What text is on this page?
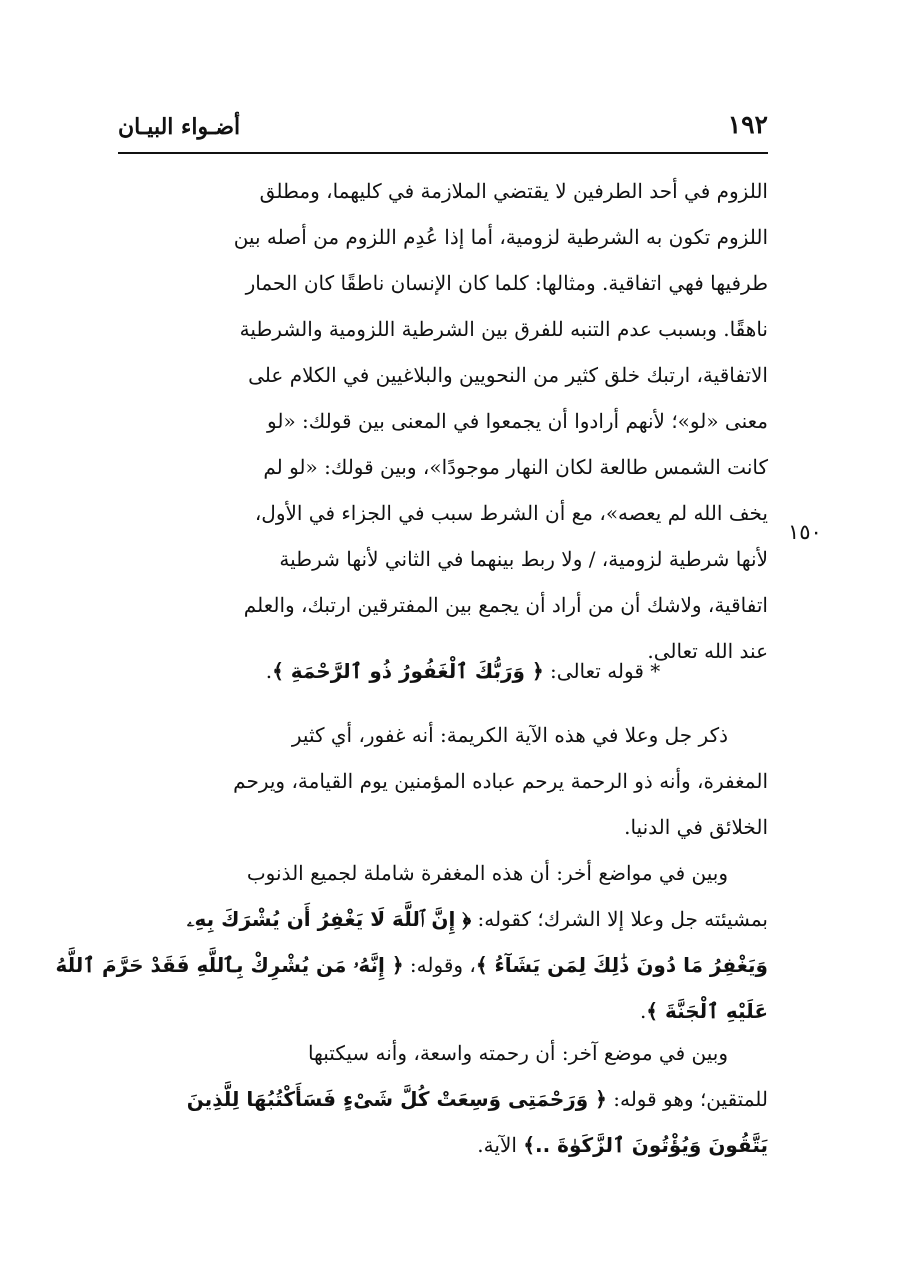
١٩٢
أضـواء البيـان
١٥٠
اللزوم في أحد الطرفين لا يقتضي الملازمة في كليهما، ومطلق
اللزوم تكون به الشرطية لزومية، أما إذا عُدِم اللزوم من أصله بين
طرفيها فهي اتفاقية. ومثالها: كلما كان الإنسان ناطقًا كان الحمار
ناهقًا. وبسبب عدم التنبه للفرق بين الشرطية اللزومية والشرطية
الاتفاقية، ارتبك خلق كثير من النحويين والبلاغيين في الكلام على
معنى «لو»؛ لأنهم أرادوا أن يجمعوا في المعنى بين قولك: «لو
كانت الشمس طالعة لكان النهار موجودًا»، وبين قولك: «لو لم
يخف الله لم يعصه»، مع أن الشرط سبب في الجزاء في الأول،
لأنها شرطية لزومية، / ولا ربط بينهما في الثاني لأنها شرطية
اتفاقية، ولاشك أن من أراد أن يجمع بين المفترقين ارتبك، والعلم
عند الله تعالى.
* قوله تعالى: ﴿ وَرَبُّكَ ٱلْغَفُورُ ذُو ٱلرَّحْمَةِ ﴾.
ذكر جل وعلا في هذه الآية الكريمة: أنه غفور، أي كثير
المغفرة، وأنه ذو الرحمة يرحم عباده المؤمنين يوم القيامة، ويرحم
الخلائق في الدنيا.
وبين في مواضع أخر: أن هذه المغفرة شاملة لجميع الذنوب
بمشيئته جل وعلا إلا الشرك؛ كقوله: ﴿ إِنَّ ٱللَّهَ لَا يَغْفِرُ أَن يُشْرَكَ بِهِۦ
وَيَغْفِرُ مَا دُونَ ذَٰلِكَ لِمَن يَشَآءُ ﴾، وقوله: ﴿ إِنَّهُۥ مَن يُشْرِكْ بِٱللَّهِ فَقَدْ حَرَّمَ ٱللَّهُ
عَلَيْهِ ٱلْجَنَّةَ ﴾.
وبين في موضع آخر: أن رحمته واسعة، وأنه سيكتبها
للمتقين؛ وهو قوله: ﴿ وَرَحْمَتِى وَسِعَتْ كُلَّ شَىْءٍ فَسَأَكْتُبُهَا لِلَّذِينَ
يَتَّقُونَ وَيُؤْتُونَ ٱلزَّكَوٰةَ ..﴾ الآية.
